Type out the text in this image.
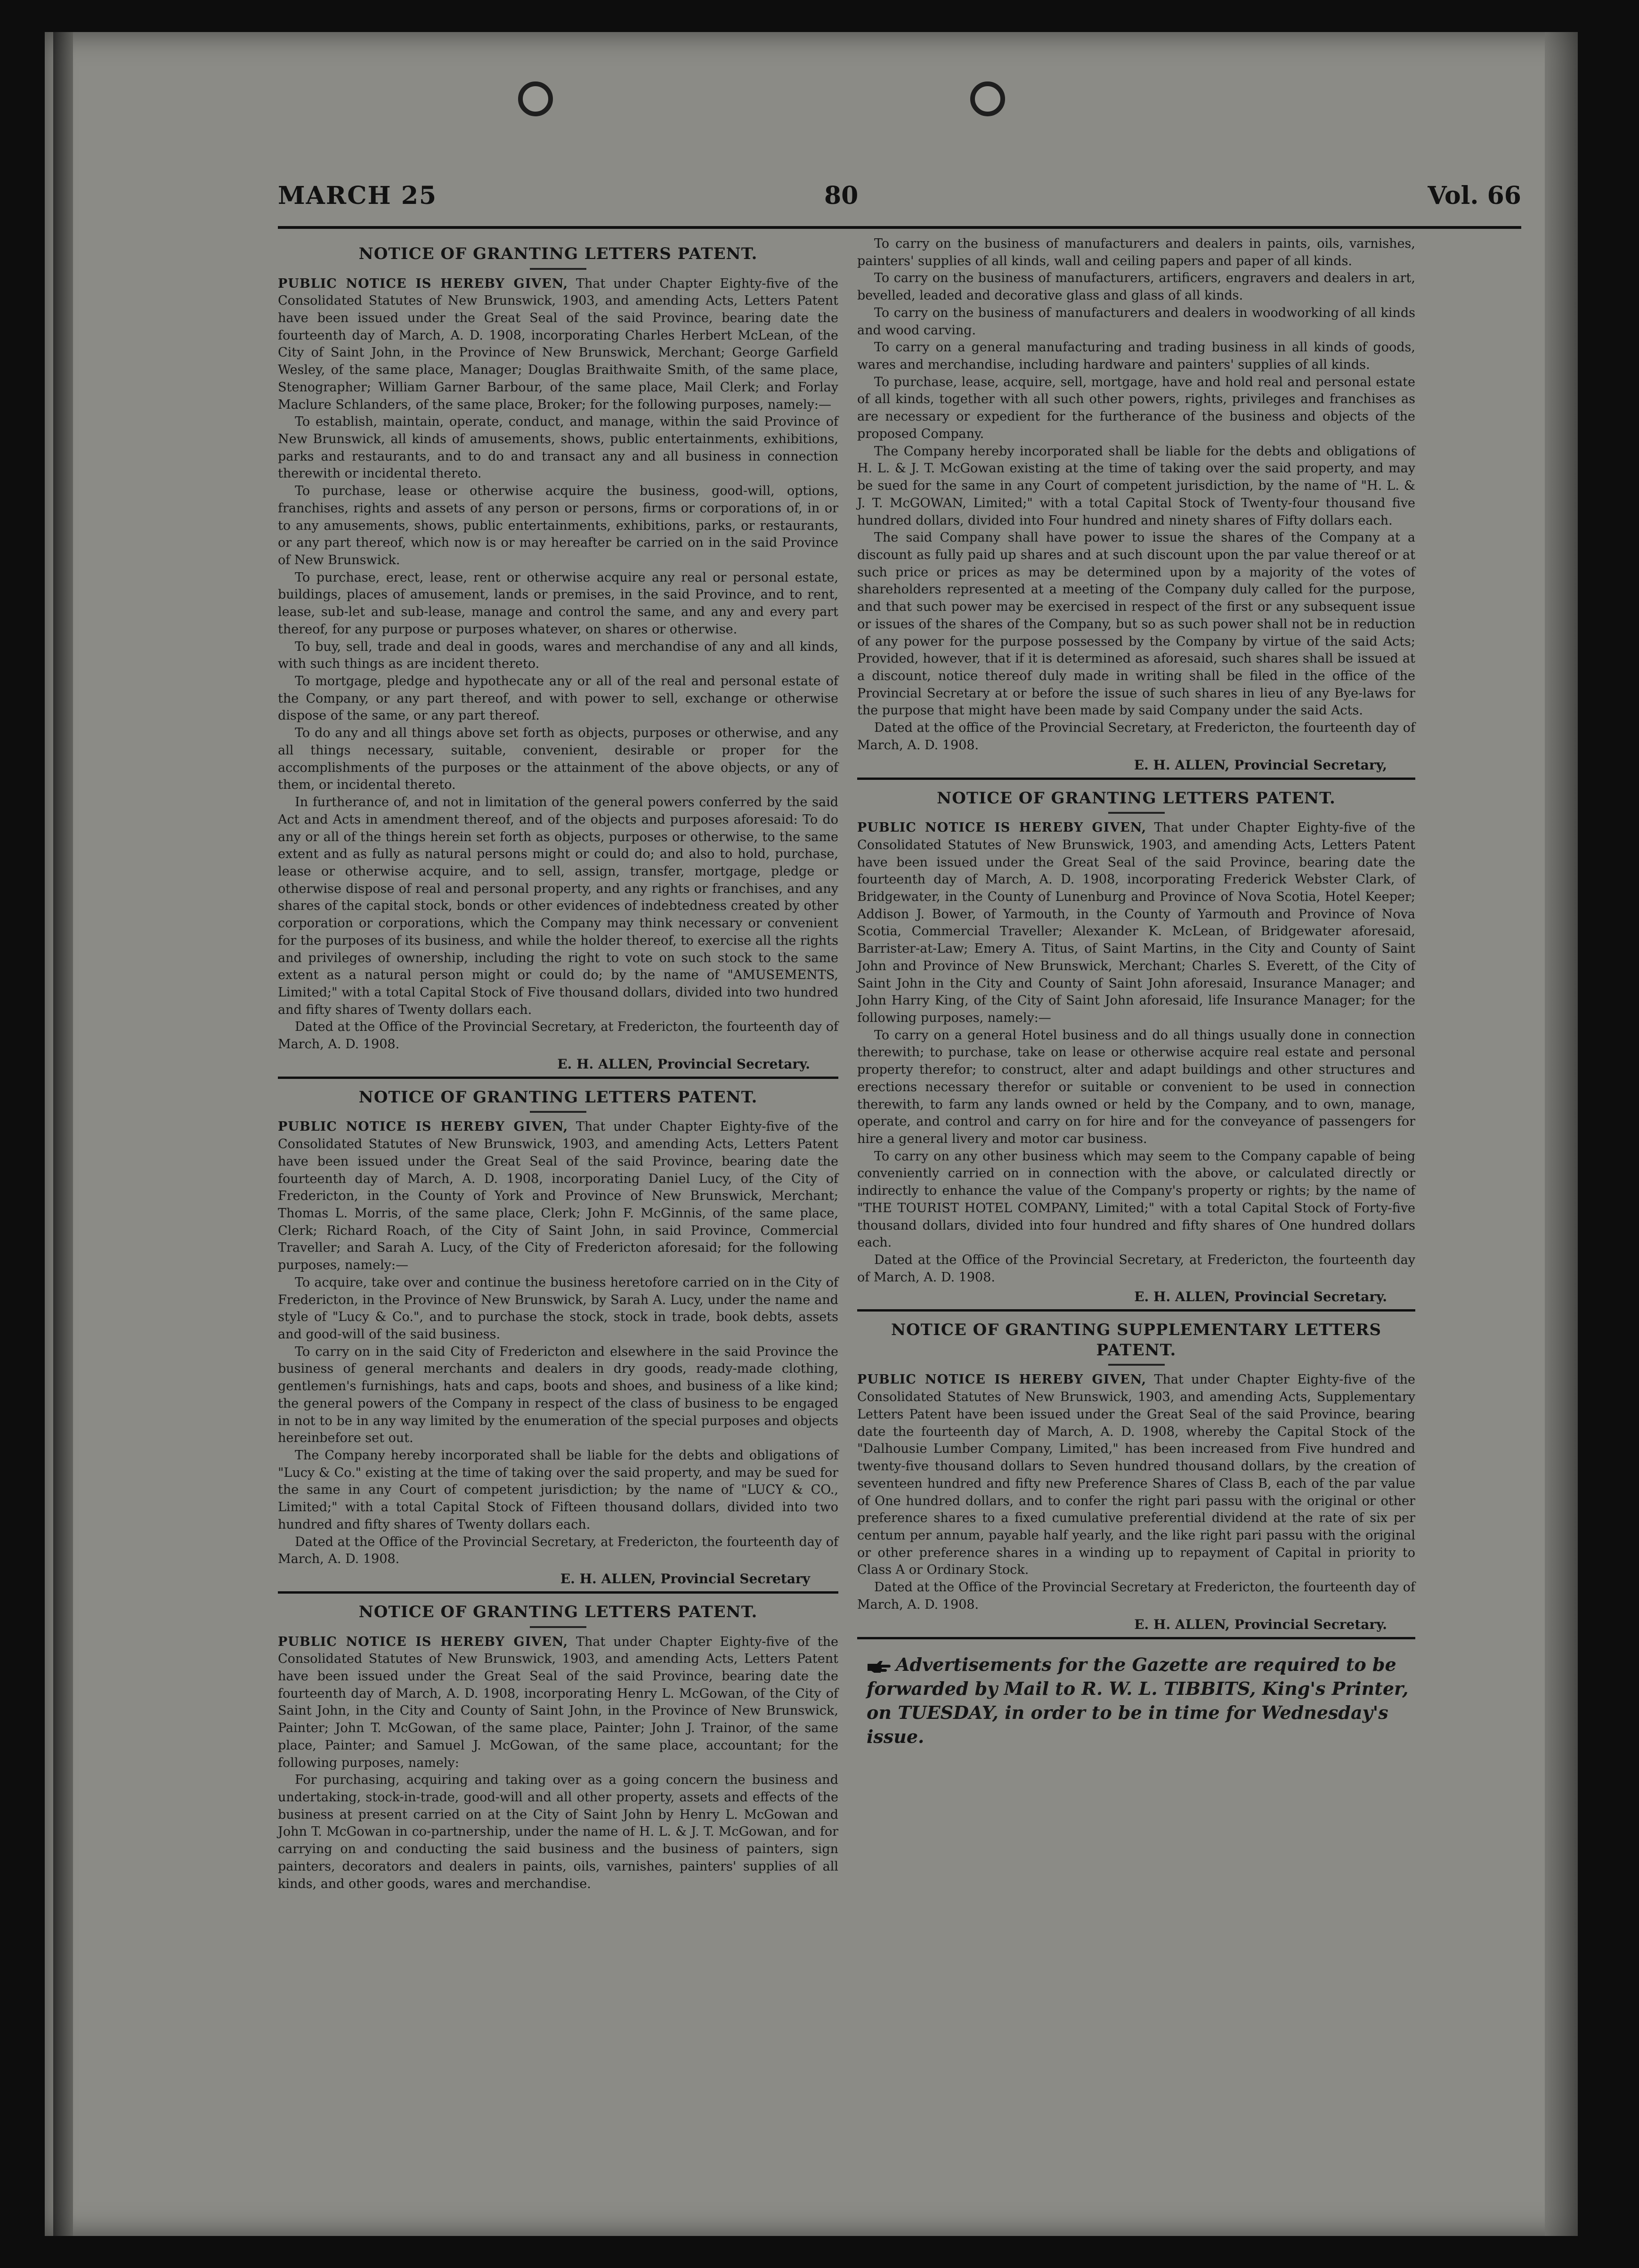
MARCH 25	80	Vol. 66
NOTICE OF GRANTING LETTERS PATENT.

PUBLIC NOTICE IS HEREBY GIVEN, That under Chapter Eighty-five of the Consolidated Statutes of New Brunswick, 1903, and amending Acts, Letters Patent have been issued under the Great Seal of the said Province, bearing date the fourteenth day of March, A. D. 1908, incorporating Charles Herbert McLean, of the City of Saint John, in the Province of New Brunswick, Merchant; George Garfield Wesley, of the same place, Manager; Douglas Braithwaite Smith, of the same place, Stenographer; William Garner Barbour, of the same place, Mail Clerk; and Forlay Maclure Schlanders, of the same place, Broker; for the following purposes, namely:—

To establish, maintain, operate, conduct, and manage, within the said Province of New Brunswick, all kinds of amusements, shows, public entertainments, exhibitions, parks and restaurants, and to do and transact any and all business in connection therewith or incidental thereto.

To purchase, lease or otherwise acquire the business, good-will, options, franchises, rights and assets of any person or persons, firms or corporations of, in or to any amusements, shows, public entertainments, exhibitions, parks, or restaurants, or any part thereof, which now is or may hereafter be carried on in the said Province of New Brunswick.

To purchase, erect, lease, rent or otherwise acquire any real or personal estate, buildings, places of amusement, lands or premises, in the said Province, and to rent, lease, sub-let and sub-lease, manage and control the same, and any and every part thereof, for any purpose or purposes whatever, on shares or otherwise.

To buy, sell, trade and deal in goods, wares and merchandise of any and all kinds, with such things as are incident thereto.

To mortgage, pledge and hypothecate any or all of the real and personal estate of the Company, or any part thereof, and with power to sell, exchange or otherwise dispose of the same, or any part thereof.

To do any and all things above set forth as objects, purposes or otherwise, and any all things necessary, suitable, convenient, desirable or proper for the accomplishments of the purposes or the attainment of the above objects, or any of them, or incidental thereto.

In furtherance of, and not in limitation of the general powers conferred by the said Act and Acts in amendment thereof, and of the objects and purposes aforesaid: To do any or all of the things herein set forth as objects, purposes or otherwise, to the same extent and as fully as natural persons might or could do; and also to hold, purchase, lease or otherwise acquire, and to sell, assign, transfer, mortgage, pledge or otherwise dispose of real and personal property, and any rights or franchises, and any shares of the capital stock, bonds or other evidences of indebtedness created by other corporation or corporations, which the Company may think necessary or convenient for the purposes of its business, and while the holder thereof, to exercise all the rights and privileges of ownership, including the right to vote on such stock to the same extent as a natural person might or could do; by the name of "AMUSEMENTS, Limited;" with a total Capital Stock of Five thousand dollars, divided into two hundred and fifty shares of Twenty dollars each.

Dated at the Office of the Provincial Secretary, at Fredericton, the fourteenth day of March, A. D. 1908.

E. H. ALLEN, Provincial Secretary.
NOTICE OF GRANTING LETTERS PATENT.

PUBLIC NOTICE IS HEREBY GIVEN, That under Chapter Eighty-five of the Consolidated Statutes of New Brunswick, 1903, and amending Acts, Letters Patent have been issued under the Great Seal of the said Province, bearing date the fourteenth day of March, A. D. 1908, incorporating Daniel Lucy, of the City of Fredericton, in the County of York and Province of New Brunswick, Merchant; Thomas L. Morris, of the same place, Clerk; John F. McGinnis, of the same place, Clerk; Richard Roach, of the City of Saint John, in said Province, Commercial Traveller; and Sarah A. Lucy, of the City of Fredericton aforesaid; for the following purposes, namely:—

To acquire, take over and continue the business heretofore carried on in the City of Fredericton, in the Province of New Brunswick, by Sarah A. Lucy, under the name and style of "Lucy & Co.", and to purchase the stock, stock in trade, book debts, assets and good-will of the said business.

To carry on in the said City of Fredericton and elsewhere in the said Province the business of general merchants and dealers in dry goods, ready-made clothing, gentlemen's furnishings, hats and caps, boots and shoes, and business of a like kind; the general powers of the Company in respect of the class of business to be engaged in not to be in any way limited by the enumeration of the special purposes and objects hereinbefore set out.

The Company hereby incorporated shall be liable for the debts and obligations of "Lucy & Co." existing at the time of taking over the said property, and may be sued for the same in any Court of competent jurisdiction; by the name of "LUCY & CO., Limited;" with a total Capital Stock of Fifteen thousand dollars, divided into two hundred and fifty shares of Twenty dollars each.

Dated at the Office of the Provincial Secretary, at Fredericton, the fourteenth day of March, A. D. 1908.

E. H. ALLEN, Provincial Secretary
NOTICE OF GRANTING LETTERS PATENT.

PUBLIC NOTICE IS HEREBY GIVEN, That under Chapter Eighty-five of the Consolidated Statutes of New Brunswick, 1903, and amending Acts, Letters Patent have been issued under the Great Seal of the said Province, bearing date the fourteenth day of March, A. D. 1908, incorporating Henry L. McGowan, of the City of Saint John, in the City and County of Saint John, in the Province of New Brunswick, Painter; John T. McGowan, of the same place, Painter; John J. Trainor, of the same place, Painter; and Samuel J. McGowan, of the same place, accountant; for the following purposes, namely:

For purchasing, acquiring and taking over as a going concern the business and undertaking, stock-in-trade, good-will and all other property, assets and effects of the business at present carried on at the City of Saint John by Henry L. McGowan and John T. McGowan in co-partnership, under the name of H. L. & J. T. McGowan, and for carrying on and conducting the said business and the business of painters, sign painters, decorators and dealers in paints, oils, varnishes, painters' supplies of all kinds, and other goods, wares and merchandise.

To carry on the business of manufacturers and dealers in paints, oils, varnishes, painters' supplies of all kinds, wall and ceiling papers and paper of all kinds.

To carry on the business of manufacturers, artificers, engravers and dealers in art, bevelled, leaded and decorative glass and glass of all kinds.

To carry on the business of manufacturers and dealers in woodworking of all kinds and wood carving.

To carry on a general manufacturing and trading business in all kinds of goods, wares and merchandise, including hardware and painters' supplies of all kinds.

To purchase, lease, acquire, sell, mortgage, have and hold real and personal estate of all kinds, together with all such other powers, rights, privileges and franchises as are necessary or expedient for the furtherance of the business and objects of the proposed Company.

The Company hereby incorporated shall be liable for the debts and obligations of H. L. & J. T. McGowan existing at the time of taking over the said property, and may be sued for the same in any Court of competent jurisdiction, by the name of "H. L. & J. T. McGOWAN, Limited;" with a total Capital Stock of Twenty-four thousand five hundred dollars, divided into Four hundred and ninety shares of Fifty dollars each.

The said Company shall have power to issue the shares of the Company at a discount as fully paid up shares and at such discount upon the par value thereof or at such price or prices as may be determined upon by a majority of the votes of shareholders represented at a meeting of the Company duly called for the purpose, and that such power may be exercised in respect of the first or any subsequent issue or issues of the shares of the Company, but so as such power shall not be in reduction of any power for the purpose possessed by the Company by virtue of the said Acts; Provided, however, that if it is determined as aforesaid, such shares shall be issued at a discount, notice thereof duly made in writing shall be filed in the office of the Provincial Secretary at or before the issue of such shares in lieu of any Bye-laws for the purpose that might have been made by said Company under the said Acts.

Dated at the office of the Provincial Secretary, at Fredericton, the fourteenth day of March, A. D. 1908.

E. H. ALLEN, Provincial Secretary,
NOTICE OF GRANTING LETTERS PATENT.

PUBLIC NOTICE IS HEREBY GIVEN, That under Chapter Eighty-five of the Consolidated Statutes of New Brunswick, 1903, and amending Acts, Letters Patent have been issued under the Great Seal of the said Province, bearing date the fourteenth day of March, A. D. 1908, incorporating Frederick Webster Clark, of Bridgewater, in the County of Lunenburg and Province of Nova Scotia, Hotel Keeper; Addison J. Bower, of Yarmouth, in the County of Yarmouth and Province of Nova Scotia, Commercial Traveller; Alexander K. McLean, of Bridgewater aforesaid, Barrister-at-Law; Emery A. Titus, of Saint Martins, in the City and County of Saint John and Province of New Brunswick, Merchant; Charles S. Everett, of the City of Saint John in the City and County of Saint John aforesaid, Insurance Manager; and John Harry King, of the City of Saint John aforesaid, life Insurance Manager; for the following purposes, namely:—

To carry on a general Hotel business and do all things usually done in connection therewith; to purchase, take on lease or otherwise acquire real estate and personal property therefor; to construct, alter and adapt buildings and other structures and erections necessary therefor or suitable or convenient to be used in connection therewith, to farm any lands owned or held by the Company, and to own, manage, operate, and control and carry on for hire and for the conveyance of passengers for hire a general livery and motor car business.

To carry on any other business which may seem to the Company capable of being conveniently carried on in connection with the above, or calculated directly or indirectly to enhance the value of the Company's property or rights; by the name of "THE TOURIST HOTEL COMPANY, Limited;" with a total Capital Stock of Forty-five thousand dollars, divided into four hundred and fifty shares of One hundred dollars each.

Dated at the Office of the Provincial Secretary, at Fredericton, the fourteenth day of March, A. D. 1908.

E. H. ALLEN, Provincial Secretary.
NOTICE OF GRANTING SUPPLEMENTARY LETTERS PATENT.

PUBLIC NOTICE IS HEREBY GIVEN, That under Chapter Eighty-five of the Consolidated Statutes of New Brunswick, 1903, and amending Acts, Supplementary Letters Patent have been issued under the Great Seal of the said Province, bearing date the fourteenth day of March, A. D. 1908, whereby the Capital Stock of the "Dalhousie Lumber Company, Limited," has been increased from Five hundred and twenty-five thousand dollars to Seven hundred thousand dollars, by the creation of seventeen hundred and fifty new Preference Shares of Class B, each of the par value of One hundred dollars, and to confer the right pari passu with the original or other preference shares to a fixed cumulative preferential dividend at the rate of six per centum per annum, payable half yearly, and the like right pari passu with the original or other preference shares in a winding up to repayment of Capital in priority to Class A or Ordinary Stock.

Dated at the Office of the Provincial Secretary at Fredericton, the fourteenth day of March, A. D. 1908.

E. H. ALLEN, Provincial Secretary.
Advertisements for the Gazette are required to be forwarded by Mail to R. W. L. TIBBITS, King's Printer, on TUESDAY, in order to be in time for Wednesday's issue.
